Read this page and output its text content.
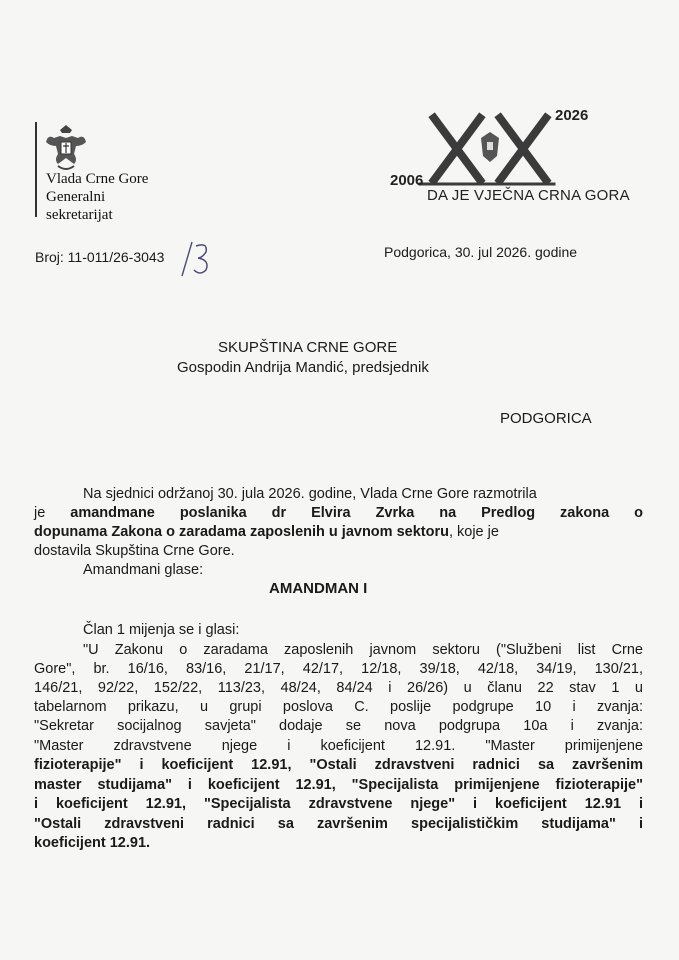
Vlada Crne Gore
Generalni
sekretarijat
2026
2006
DA JE VJEČNA CRNA GORA
Broj: 11-011/26-3043	Podgorica, 30. jul 2026. godine
SKUPŠTINA CRNE GORE
Gospodin Andrija Mandić, predsjednik
PODGORICA
Na sjednici održanoj 30. jula 2026. godine, Vlada Crne Gore razmotrila
je amandmane poslanika dr Elvira Zvrka na Predlog zakona o
dopunama Zakona o zaradama zaposlenih u javnom sektoru, koje je
dostavila Skupština Crne Gore.
Amandmani glase:
AMANDMAN I
Član 1 mijenja se i glasi:
"U Zakonu o zaradama zaposlenih javnom sektoru ("Službeni list Crne
Gore", br. 16/16, 83/16, 21/17, 42/17, 12/18, 39/18, 42/18, 34/19, 130/21,
146/21, 92/22, 152/22, 113/23, 48/24, 84/24 i 26/26) u članu 22 stav 1 u
tabelarnom prikazu, u grupi poslova C. poslije podgrupe 10 i zvanja:
"Sekretar socijalnog savjeta" dodaje se nova podgrupa 10a i zvanja:
"Master zdravstvene njege i koeficijent 12.91. "Master primijenjene
fizioterapije" i koeficijent 12.91, "Ostali zdravstveni radnici sa završenim
master studijama" i koeficijent 12.91, "Specijalista primijenjene fizioterapije"
i koeficijent 12.91, "Specijalista zdravstvene njege" i koeficijent 12.91 i
"Ostali zdravstveni radnici sa završenim specijalističkim studijama" i
koeficijent 12.91.
